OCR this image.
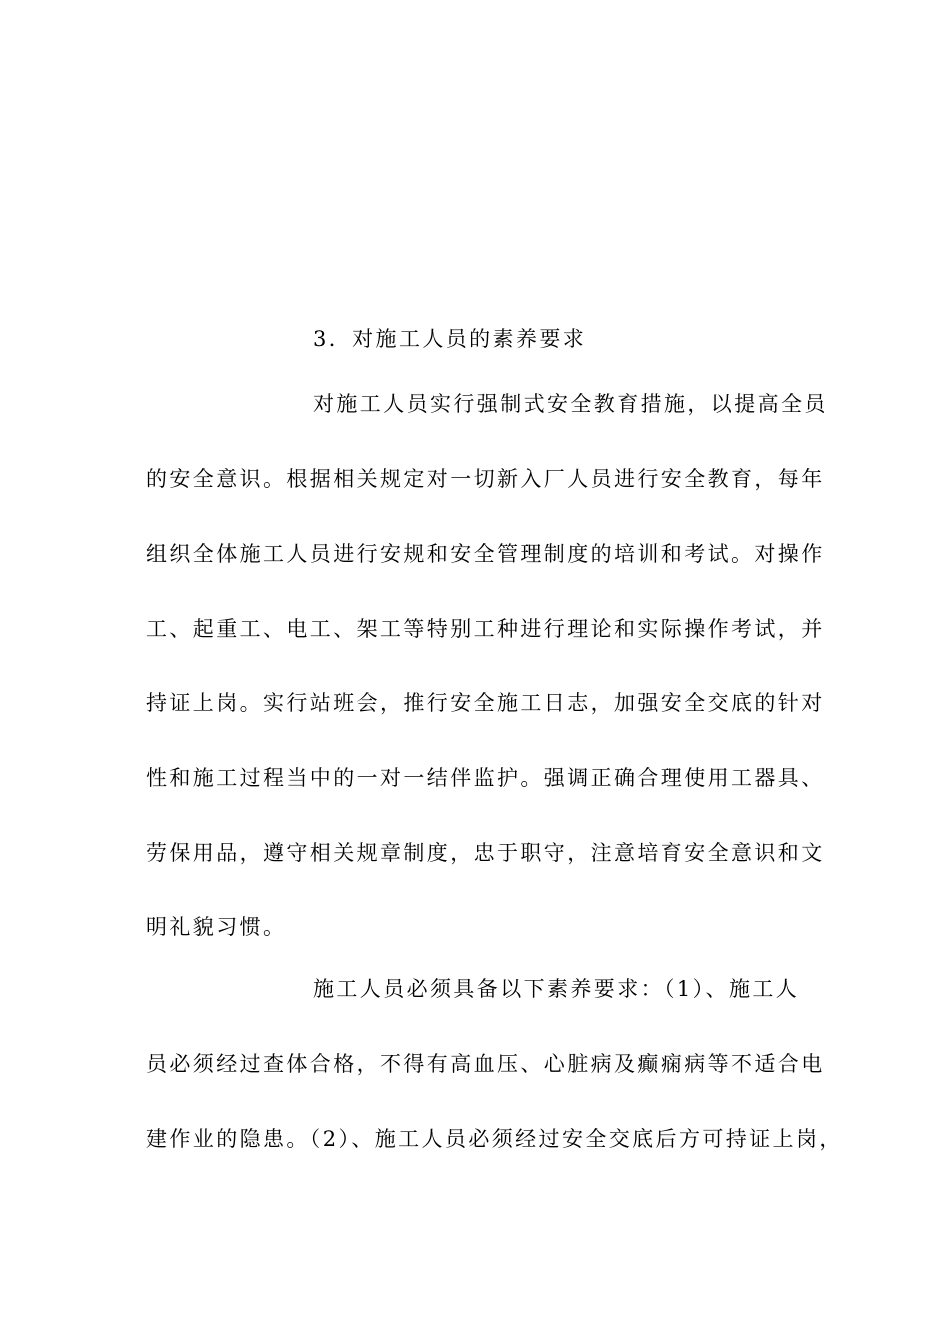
3．对施工人员的素养要求
对施工人员实行强制式安全教育措施，以提高全员
的安全意识。根据相关规定对一切新入厂人员进行安全教育，每年
组织全体施工人员进行安规和安全管理制度的培训和考试。对操作
工、起重工、电工、架工等特别工种进行理论和实际操作考试，并
持证上岗。实行站班会，推行安全施工日志，加强安全交底的针对
性和施工过程当中的一对一结伴监护。强调正确合理使用工器具、
劳保用品，遵守相关规章制度，忠于职守，注意培育安全意识和文
明礼貌习惯。
施工人员必须具备以下素养要求：（1）、施工人
员必须经过查体合格，不得有高血压、心脏病及癫痫病等不适合电
建作业的隐患。（2）、施工人员必须经过安全交底后方可持证上岗，
